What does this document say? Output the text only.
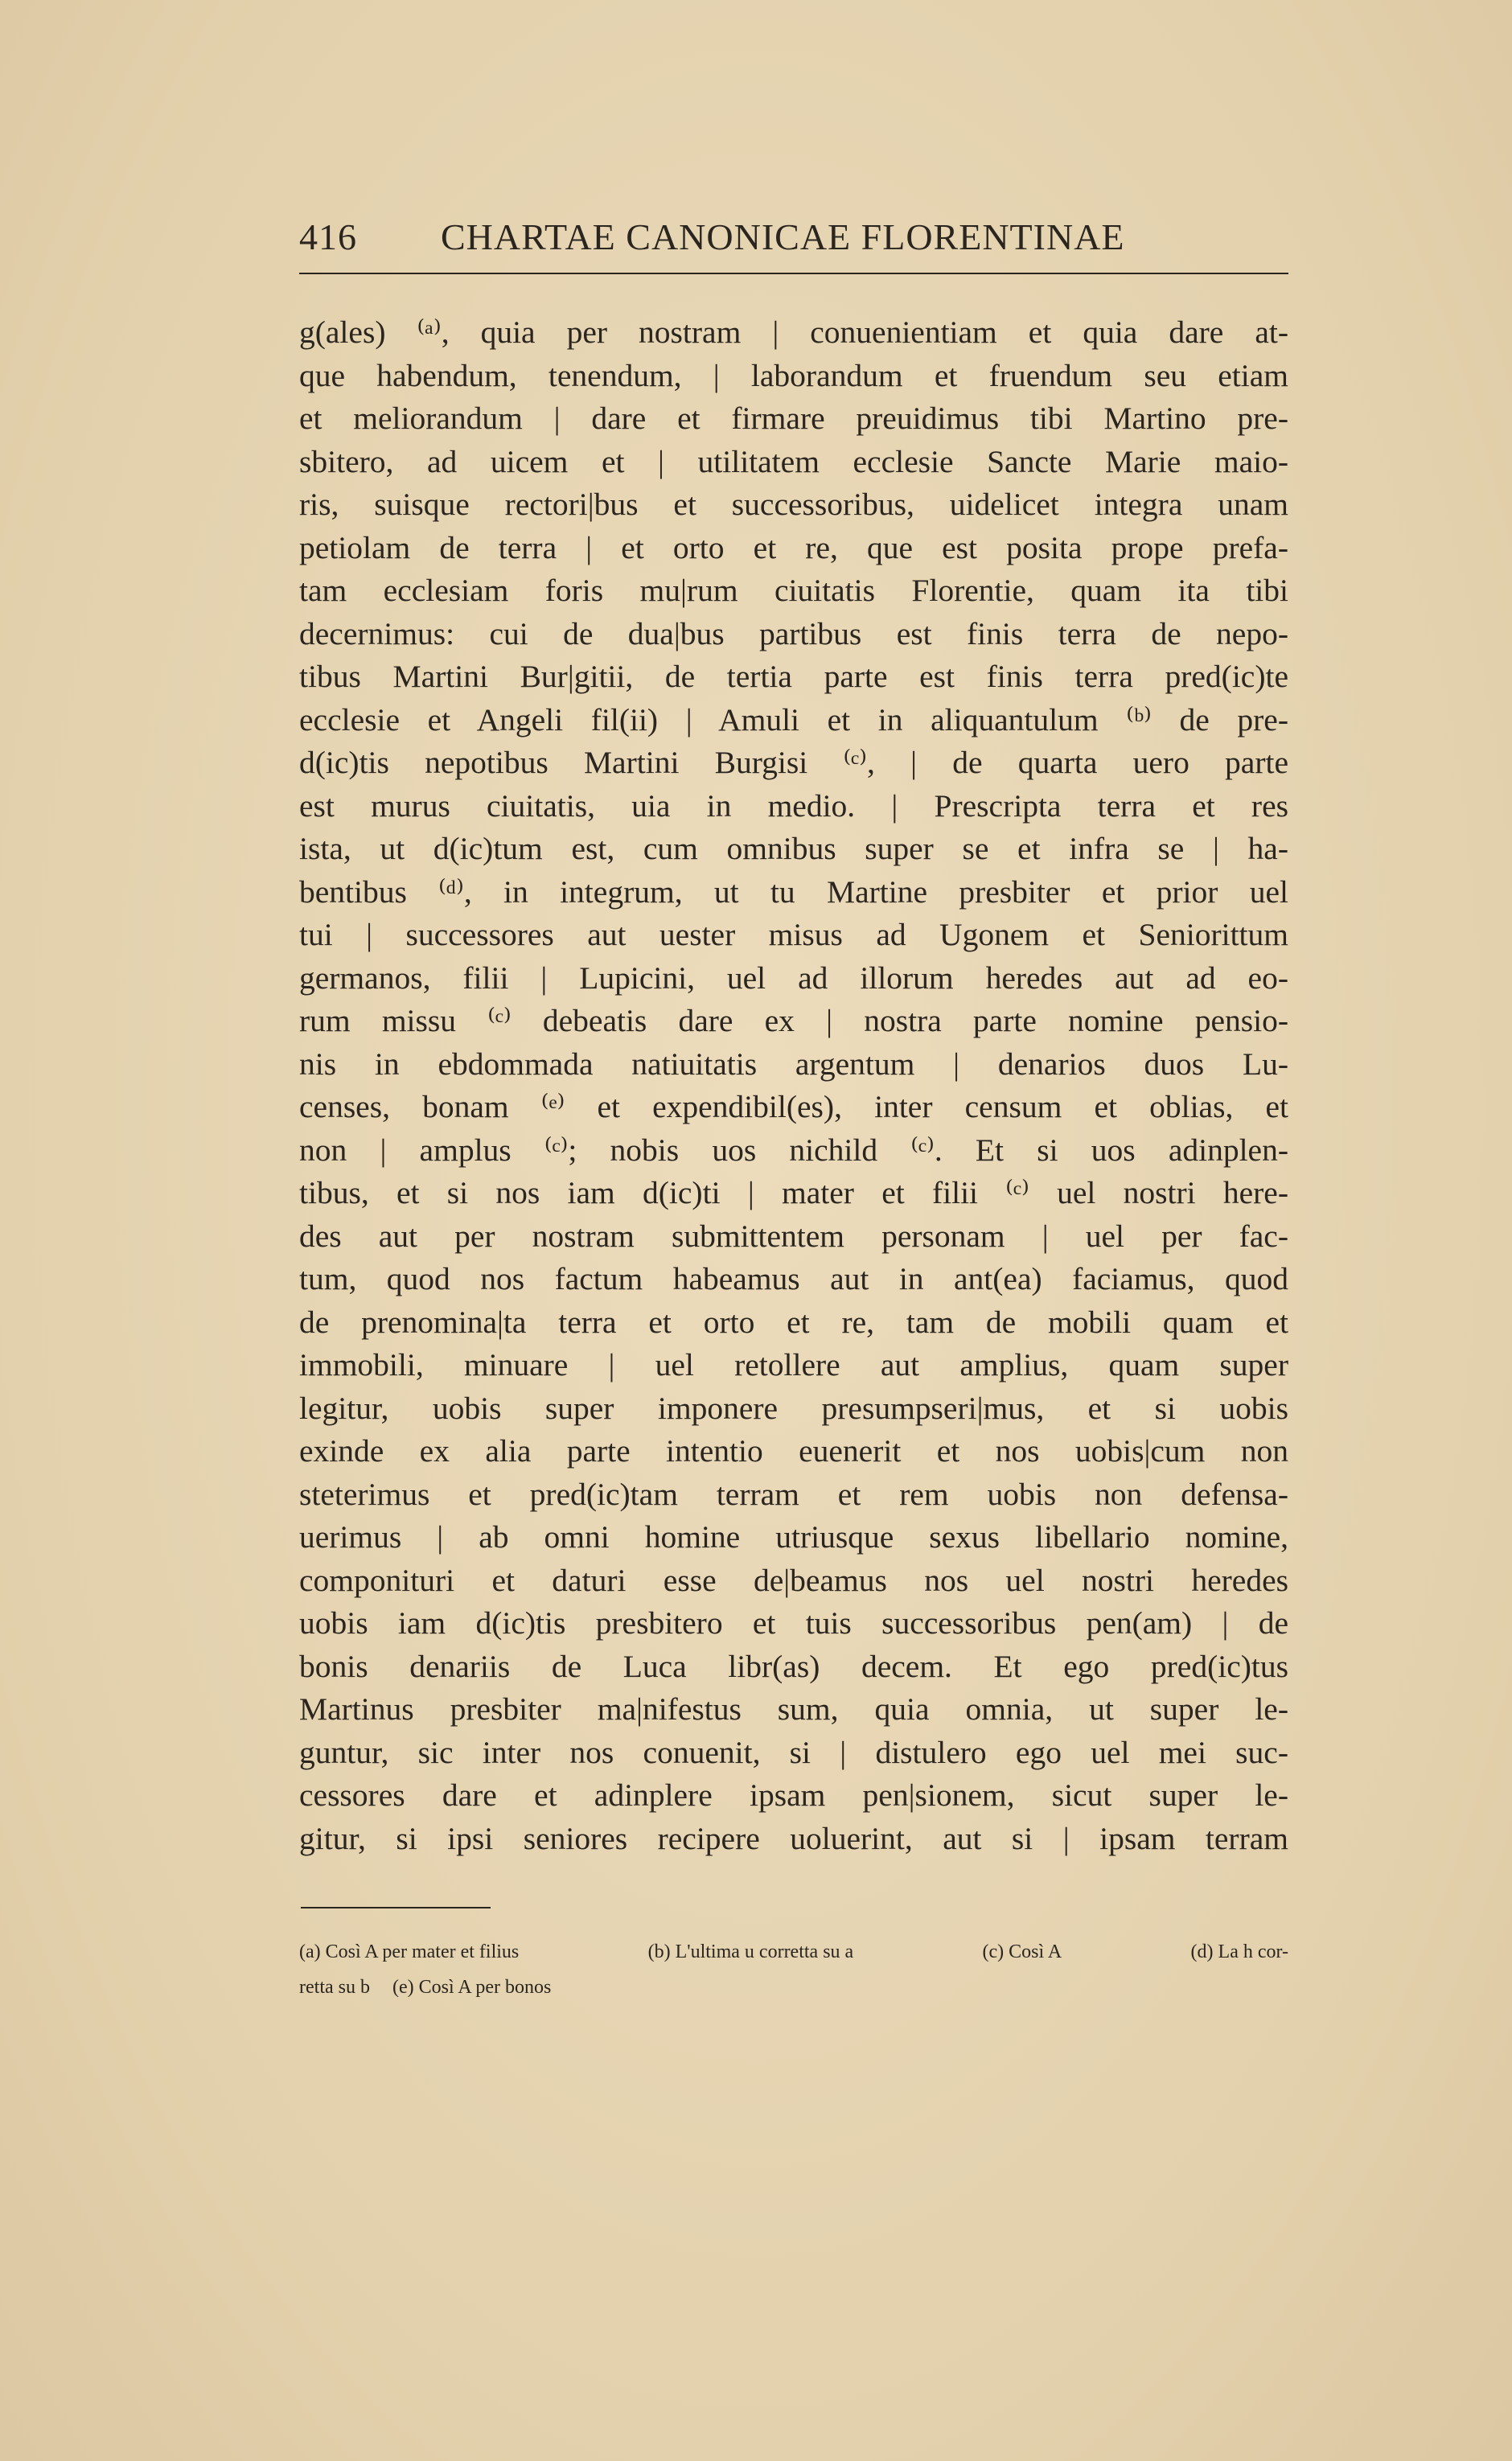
416 CHARTAE CANONICAE FLORENTINAE
g(ales) ⁽ᵃ⁾, quia per nostram | conuenientiam et quia dare at-
que habendum, tenendum, | laborandum et fruendum seu etiam
et meliorandum | dare et firmare preuidimus tibi Martino pre-
sbitero, ad uicem et | utilitatem ecclesie Sancte Marie maio-
ris, suisque rectori|bus et successoribus, uidelicet integra unam
petiolam de terra | et orto et re, que est posita prope prefa-
tam ecclesiam foris mu|rum ciuitatis Florentie, quam ita tibi
decernimus: cui de dua|bus partibus est finis terra de nepo-
tibus Martini Bur|gitii, de tertia parte est finis terra pred(ic)te
ecclesie et Angeli fil(ii) | Amuli et in aliquantulum ⁽ᵇ⁾ de pre-
d(ic)tis nepotibus Martini Burgisi ⁽ᶜ⁾, | de quarta uero parte
est murus ciuitatis, uia in medio. | Prescripta terra et res
ista, ut d(ic)tum est, cum omnibus super se et infra se | ha-
bentibus ⁽ᵈ⁾, in integrum, ut tu Martine presbiter et prior uel
tui | successores aut uester misus ad Ugonem et Seniorittum
germanos, filii | Lupicini, uel ad illorum heredes aut ad eo-
rum missu ⁽ᶜ⁾ debeatis dare ex | nostra parte nomine pensio-
nis in ebdommada natiuitatis argentum | denarios duos Lu-
censes, bonam ⁽ᵉ⁾ et expendibil(es), inter censum et oblias, et
non | amplus ⁽ᶜ⁾; nobis uos nichild ⁽ᶜ⁾. Et si uos adinplen-
tibus, et si nos iam d(ic)ti | mater et filii ⁽ᶜ⁾ uel nostri here-
des aut per nostram submittentem personam | uel per fac-
tum, quod nos factum habeamus aut in ant(ea) faciamus, quod
de prenomina|ta terra et orto et re, tam de mobili quam et
immobili, minuare | uel retollere aut amplius, quam super
legitur, uobis super imponere presumpseri|mus, et si uobis
exinde ex alia parte intentio euenerit et nos uobis|cum non
steterimus et pred(ic)tam terram et rem uobis non defensa-
uerimus | ab omni homine utriusque sexus libellario nomine,
componituri et daturi esse de|beamus nos uel nostri heredes
uobis iam d(ic)tis presbitero et tuis successoribus pen(am) | de
bonis denariis de Luca libr(as) decem. Et ego pred(ic)tus
Martinus presbiter ma|nifestus sum, quia omnia, ut super le-
guntur, sic inter nos conuenit, si | distulero ego uel mei suc-
cessores dare et adinplere ipsam pen|sionem, sicut super le-
gitur, si ipsi seniores recipere uoluerint, aut si | ipsam terram
(a) Così A per mater et filius	(b) L'ultima u corretta su a	(c) Così A	(d) La h cor-
retta su b (e) Così A per bonos
